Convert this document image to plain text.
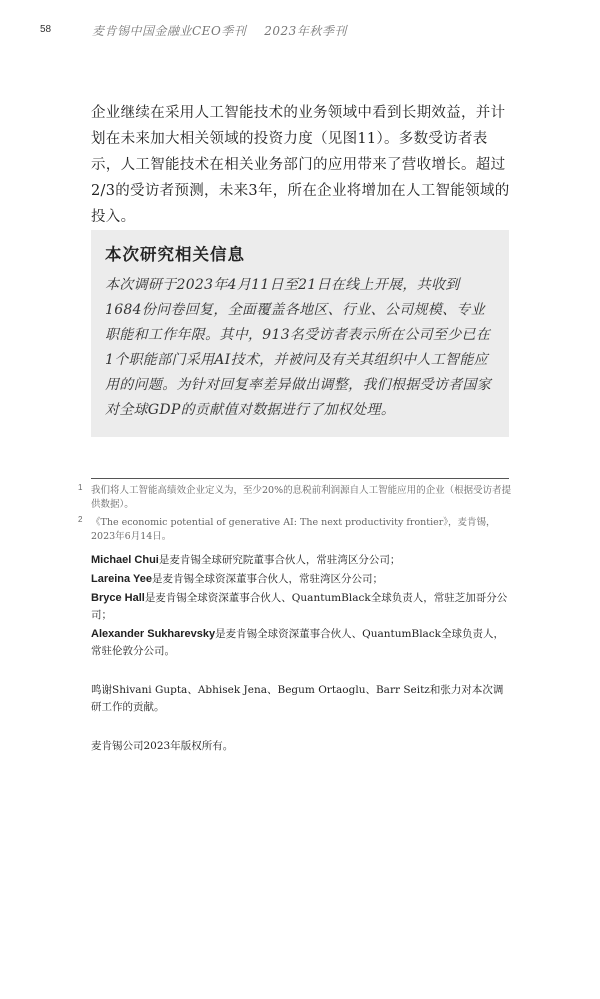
58	麦肯锡中国金融业CEO季刊 2023年秋季刊

企业继续在采用人工智能技术的业务领域中看到长期效益，并计划在未来加大相关领域的投资力度（见图11）。多数受访者表示，人工智能技术在相关业务部门的应用带来了营收增长。超过2/3的受访者预测，未来3年，所在企业将增加在人工智能领域的投入。

本次研究相关信息

本次调研于2023年4月11日至21日在线上开展，共收到1684份问卷回复，全面覆盖各地区、行业、公司规模、专业职能和工作年限。其中，913名受访者表示所在公司至少已在1个职能部门采用AI技术，并被问及有关其组织中人工智能应用的问题。为针对回复率差异做出调整，我们根据受访者国家对全球GDP的贡献值对数据进行了加权处理。

1 我们将人工智能高绩效企业定义为，至少20%的息税前利润源自人工智能应用的企业（根据受访者提供数据）。
2 《The economic potential of generative AI: The next productivity frontier》，麦肯锡，2023年6月14日。

Michael Chui是麦肯锡全球研究院董事合伙人，常驻湾区分公司；

Lareina Yee是麦肯锡全球资深董事合伙人，常驻湾区分公司；

Bryce Hall是麦肯锡全球资深董事合伙人、QuantumBlack全球负责人，常驻芝加哥分公司；

Alexander Sukharevsky是麦肯锡全球资深董事合伙人、QuantumBlack全球负责人，常驻伦敦分公司。

鸣谢Shivani Gupta、Abhisek Jena、Begum Ortaoglu、Barr Seitz和张力对本次调研工作的贡献。

麦肯锡公司2023年版权所有。
